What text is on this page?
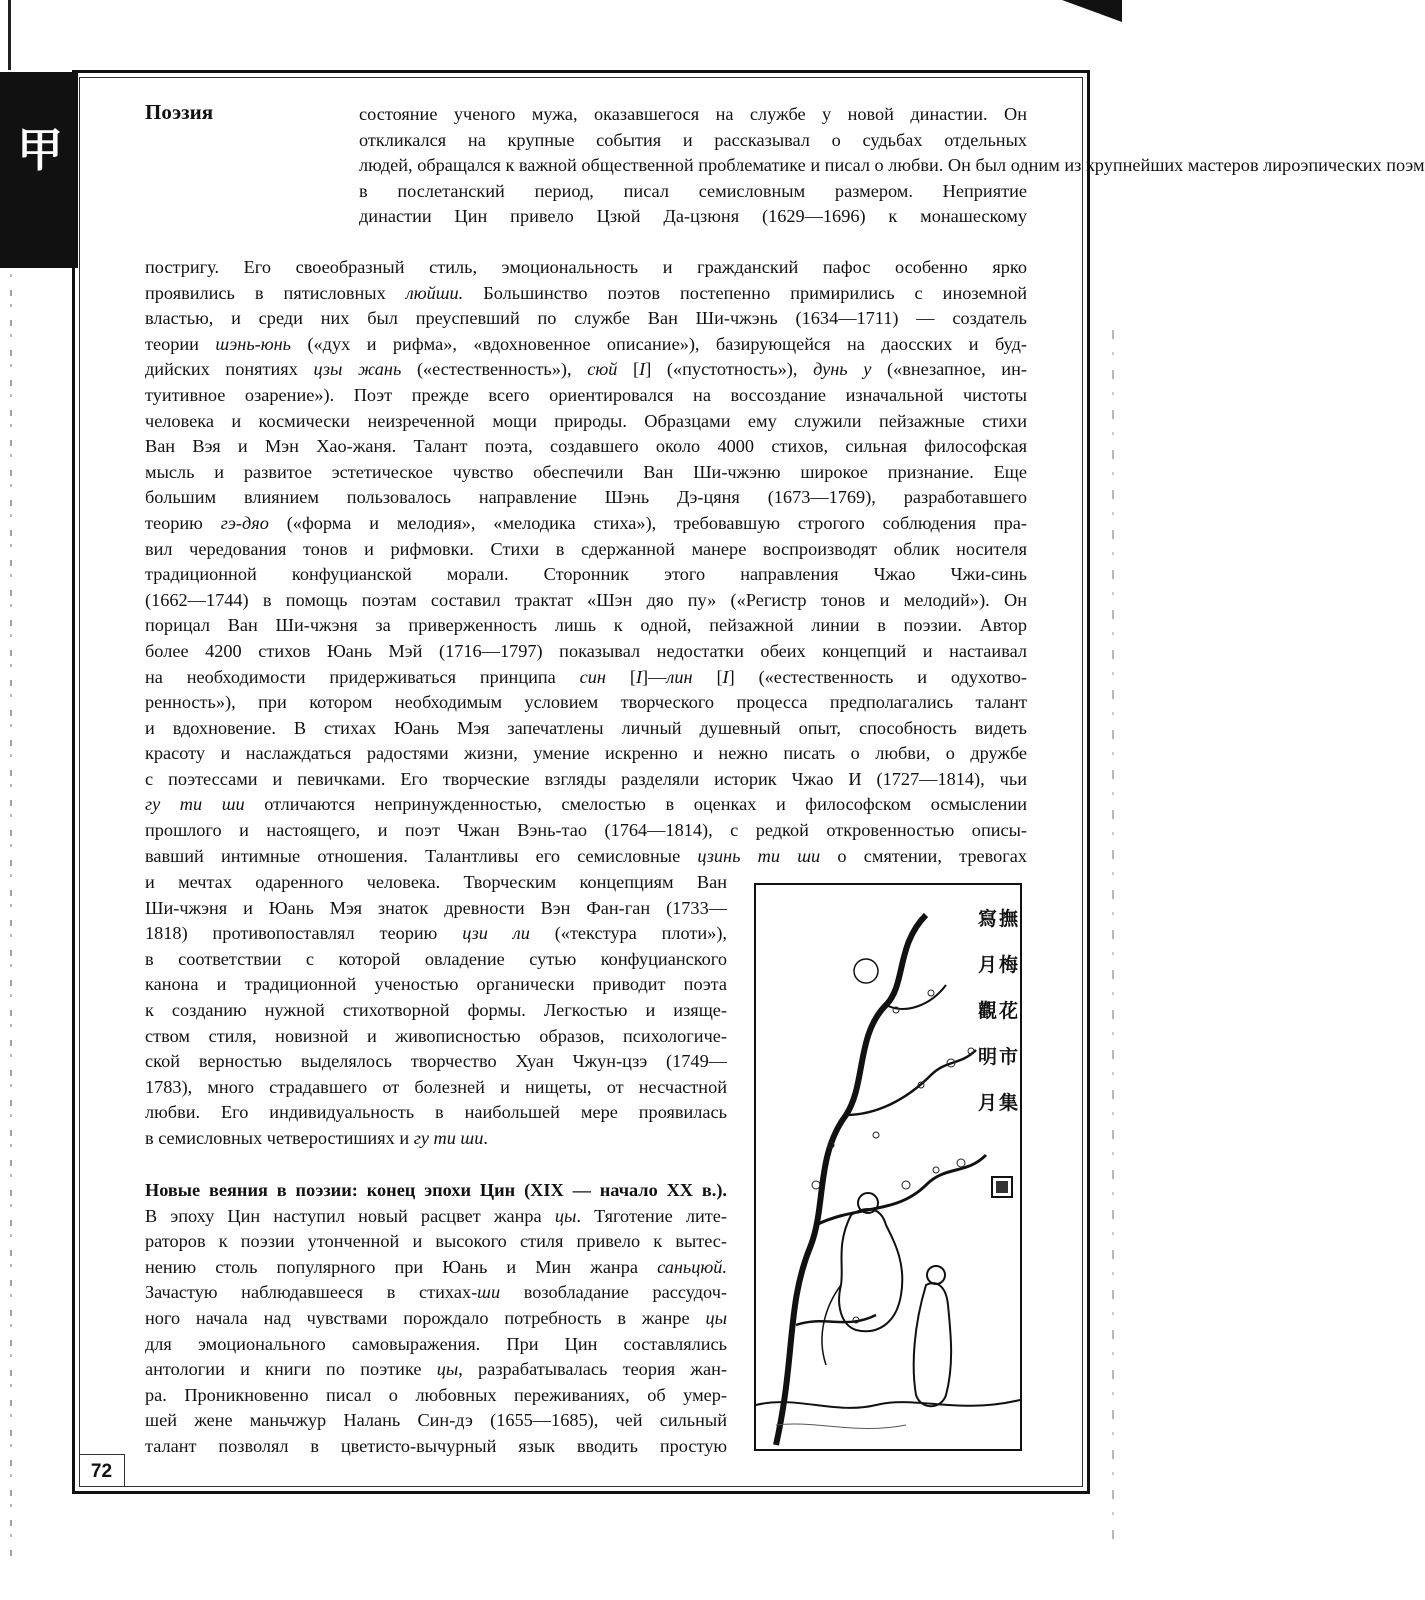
甲
72
Поэзия	состояние ученого мужа, оказавшегося на службе у новой династии. Он
откликался на крупные события и рассказывал о судьбах отдельных
людей, обращался к важной общественной проблематике и писал о любви. Он был одним из крупнейших мастеров лироэпических поэм
в послетанский период, писал семисловным размером. Неприятие
династии Цин привело Цзюй Да-цзюня (1629—1696) к монашескому
постригу. Его своеобразный стиль, эмоциональность и гражданский пафос особенно ярко
проявились в пятисловных люйши. Большинство поэтов постепенно примирились с иноземной
властью, и среди них был преуспевший по службе Ван Ши-чжэнь (1634—1711) — создатель
теории шэнь-юнь («дух и рифма», «вдохновенное описание»), базирующейся на даосских и буд-
дийских понятиях цзы жань («естественность»), сюй [I] («пустотность»), дунь у («внезапное, ин-
туитивное озарение»). Поэт прежде всего ориентировался на воссоздание изначальной чистоты
человека и космически неизреченной мощи природы. Образцами ему служили пейзажные стихи
Ван Вэя и Мэн Хао-жаня. Талант поэта, создавшего около 4000 стихов, сильная философская
мысль и развитое эстетическое чувство обеспечили Ван Ши-чжэню широкое признание. Еще
большим влиянием пользовалось направление Шэнь Дэ-цяня (1673—1769), разработавшего
теорию гэ-дяо («форма и мелодия», «мелодика стиха»), требовавшую строгого соблюдения пра-
вил чередования тонов и рифмовки. Стихи в сдержанной манере воспроизводят облик носителя
традиционной конфуцианской морали. Сторонник этого направления Чжао Чжи-синь
(1662—1744) в помощь поэтам составил трактат «Шэн дяо пу» («Регистр тонов и мелодий»). Он
порицал Ван Ши-чжэня за приверженность лишь к одной, пейзажной линии в поэзии. Автор
более 4200 стихов Юань Мэй (1716—1797) показывал недостатки обеих концепций и настаивал
на необходимости придерживаться принципа син [I]—лин [I] («естественность и одухотво-
ренность»), при котором необходимым условием творческого процесса предполагались талант
и вдохновение. В стихах Юань Мэя запечатлены личный душевный опыт, способность видеть
красоту и наслаждаться радостями жизни, умение искренно и нежно писать о любви, о дружбе
с поэтессами и певичками. Его творческие взгляды разделяли историк Чжао И (1727—1814), чьи
гу ти ши отличаются непринужденностью, смелостью в оценках и философском осмыслении
прошлого и настоящего, и поэт Чжан Вэнь-тао (1764—1814), с редкой откровенностью описы-
вавший интимные отношения. Талантливы его семисловные цзинь ти ши о смятении, тревогах
и мечтах одаренного человека. Творческим концепциям Ван
Ши-чжэня и Юань Мэя знаток древности Вэн Фан-ган (1733—
1818) противопоставлял теорию цзи ли («текстура плоти»),
в соответствии с которой овладение сутью конфуцианского
канона и традиционной ученостью органически приводит поэта
к созданию нужной стихотворной формы. Легкостью и изяще-
ством стиля, новизной и живописностью образов, психологиче-
ской верностью выделялось творчество Хуан Чжун-цзэ (1749—
1783), много страдавшего от болезней и нищеты, от несчастной
любви. Его индивидуальность в наибольшей мере проявилась
в семисловных четверостишиях и гу ти ши.
Новые веяния в поэзии: конец эпохи Цин (XIX — начало XX в.).
В эпоху Цин наступил новый расцвет жанра цы. Тяготение лите-
раторов к поэзии утонченной и высокого стиля привело к вытес-
нению столь популярного при Юань и Мин жанра саньцюй.
Зачастую наблюдавшееся в стихах-ши возобладание рассудоч-
ного начала над чувствами порождало потребность в жанре цы
для эмоционального самовыражения. При Цин составлялись
антологии и книги по поэтике цы, разрабатывалась теория жан-
ра. Проникновенно писал о любовных переживаниях, об умер-
шей жене маньчжур Налань Син-дэ (1655—1685), чей сильный
талант позволял в цветисто-вычурный язык вводить простую
寫月觀明月
撫梅花市集
